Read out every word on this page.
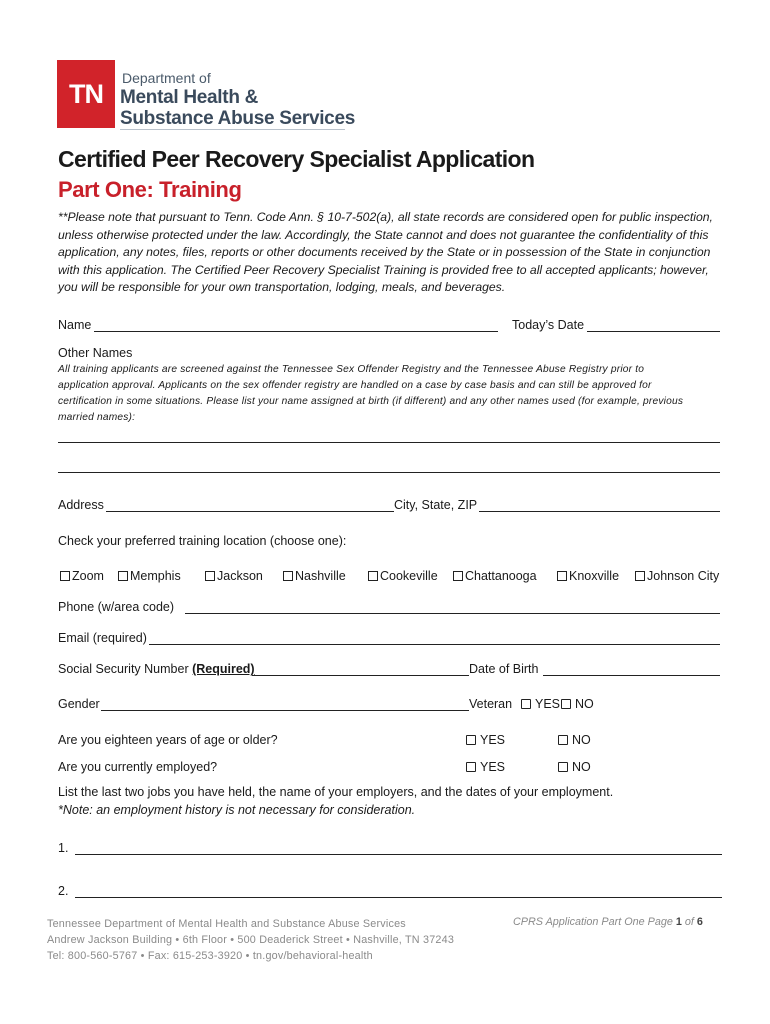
TN
Department of
Mental Health &
Substance Abuse Services
Certified Peer Recovery Specialist Application
Part One: Training
**Please note that pursuant to Tenn. Code Ann. § 10-7-502(a), all state records are considered open for public inspection, unless otherwise protected under the law. Accordingly, the State cannot and does not guarantee the confidentiality of this application, any notes, files, reports or other documents received by the State or in possession of the State in conjunction with this application. The Certified Peer Recovery Specialist Training is provided free to all accepted applicants; however, you will be responsible for your own transportation, lodging, meals, and beverages.
Name	Today’s Date
Other Names
All training applicants are screened against the Tennessee Sex Offender Registry and the Tennessee Abuse Registry prior to application approval. Applicants on the sex offender registry are handled on a case by case basis and can still be approved for certification in some situations. Please list your name assigned at birth (if different) and any other names used (for example, previous married names):
Address	City, State, ZIP
Check your preferred training location (choose one):
Zoom	Memphis	Jackson	Nashville	Cookeville	Chattanooga	Knoxville	Johnson City
Phone (w/area code)
Email (required)
Social Security Number (Required)	Date of Birth
Gender	Veteran	YES	NO
Are you eighteen years of age or older?	YES	NO
Are you currently employed?	YES	NO
List the last two jobs you have held, the name of your employers, and the dates of your employment.
*Note: an employment history is not necessary for consideration.
1.
2.
Tennessee Department of Mental Health and Substance Abuse Services
Andrew Jackson Building • 6th Floor • 500 Deaderick Street • Nashville, TN 37243
Tel: 800-560-5767 • Fax: 615-253-3920 • tn.gov/behavioral-health
CPRS Application Part One Page 1 of 6
